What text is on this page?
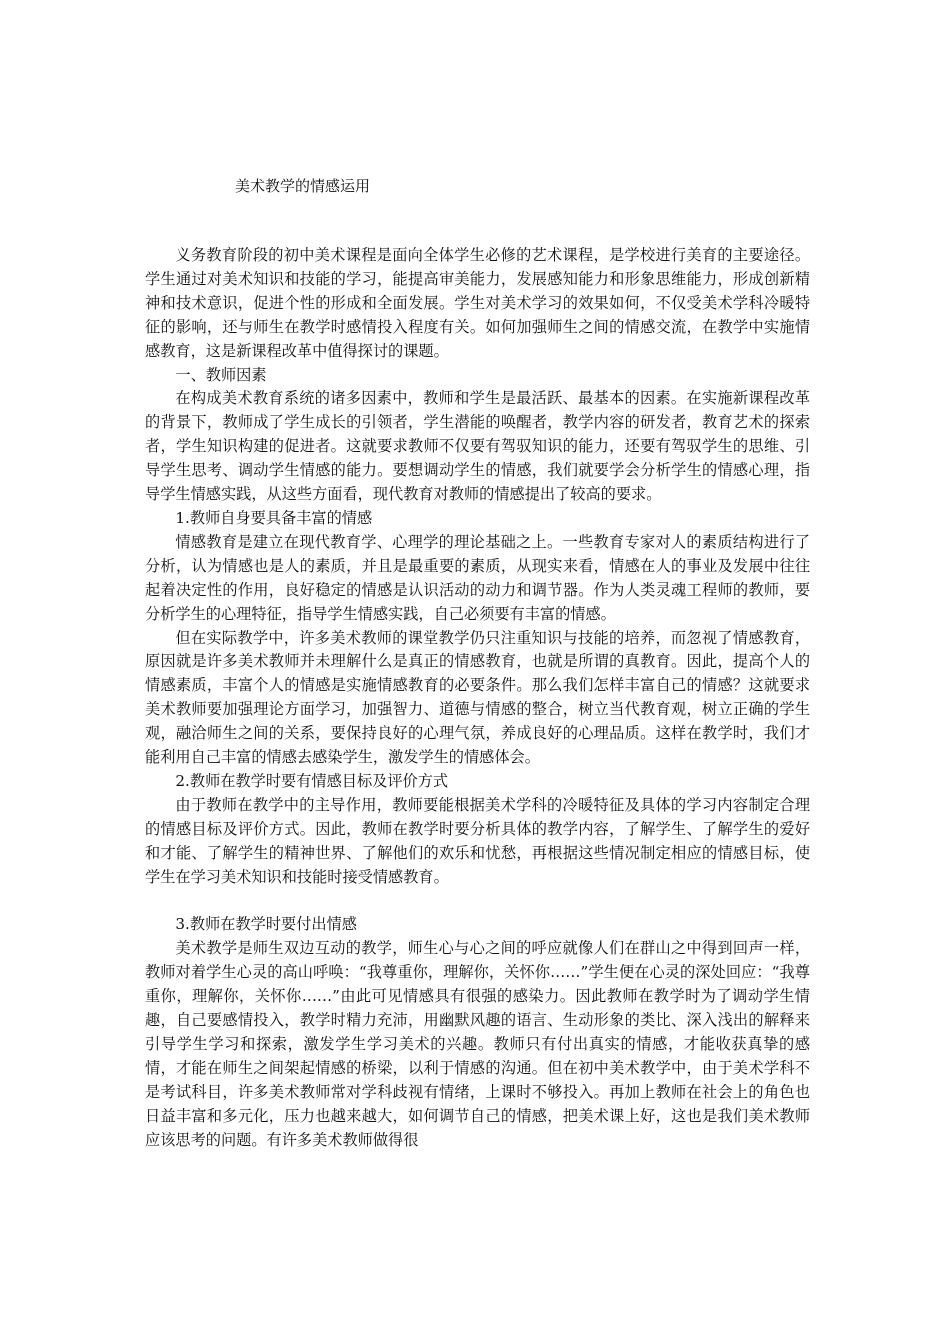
美术教学的情感运用

义务教育阶段的初中美术课程是面向全体学生必修的艺术课程，是学校进行美育的主要途径。学生通过对美术知识和技能的学习，能提高审美能力，发展感知能力和形象思维能力，形成创新精神和技术意识，促进个性的形成和全面发展。学生对美术学习的效果如何，不仅受美术学科冷暖特征的影响，还与师生在教学时感情投入程度有关。如何加强师生之间的情感交流，在教学中实施情感教育，这是新课程改革中值得探讨的课题。

一、教师因素

在构成美术教育系统的诸多因素中，教师和学生是最活跃、最基本的因素。在实施新课程改革的背景下，教师成了学生成长的引领者，学生潜能的唤醒者，教学内容的研发者，教育艺术的探索者，学生知识构建的促进者。这就要求教师不仅要有驾驭知识的能力，还要有驾驭学生的思维、引导学生思考、调动学生情感的能力。要想调动学生的情感，我们就要学会分析学生的情感心理，指导学生情感实践，从这些方面看，现代教育对教师的情感提出了较高的要求。

1.教师自身要具备丰富的情感

情感教育是建立在现代教育学、心理学的理论基础之上。一些教育专家对人的素质结构进行了分析，认为情感也是人的素质，并且是最重要的素质，从现实来看，情感在人的事业及发展中往往起着决定性的作用，良好稳定的情感是认识活动的动力和调节器。作为人类灵魂工程师的教师，要分析学生的心理特征，指导学生情感实践，自己必须要有丰富的情感。

但在实际教学中，许多美术教师的课堂教学仍只注重知识与技能的培养，而忽视了情感教育，原因就是许多美术教师并未理解什么是真正的情感教育，也就是所谓的真教育。因此，提高个人的情感素质，丰富个人的情感是实施情感教育的必要条件。那么我们怎样丰富自己的情感？这就要求美术教师要加强理论方面学习，加强智力、道德与情感的整合，树立当代教育观，树立正确的学生观，融洽师生之间的关系，要保持良好的心理气氛，养成良好的心理品质。这样在教学时，我们才能利用自己丰富的情感去感染学生，激发学生的情感体会。

2.教师在教学时要有情感目标及评价方式

由于教师在教学中的主导作用，教师要能根据美术学科的冷暖特征及具体的学习内容制定合理的情感目标及评价方式。因此，教师在教学时要分析具体的教学内容，了解学生、了解学生的爱好和才能、了解学生的精神世界、了解他们的欢乐和忧愁，再根据这些情况制定相应的情感目标，使学生在学习美术知识和技能时接受情感教育。

3.教师在教学时要付出情感

美术教学是师生双边互动的教学，师生心与心之间的呼应就像人们在群山之中得到回声一样，教师对着学生心灵的高山呼唤：“我尊重你，理解你，关怀你……”学生便在心灵的深处回应：“我尊重你，理解你，关怀你……”由此可见情感具有很强的感染力。因此教师在教学时为了调动学生情趣，自己要感情投入，教学时精力充沛，用幽默风趣的语言、生动形象的类比、深入浅出的解释来引导学生学习和探索，激发学生学习美术的兴趣。教师只有付出真实的情感，才能收获真挚的感情，才能在师生之间架起情感的桥梁，以利于情感的沟通。但在初中美术教学中，由于美术学科不是考试科目，许多美术教师常对学科歧视有情绪，上课时不够投入。再加上教师在社会上的角色也日益丰富和多元化，压力也越来越大，如何调节自己的情感，把美术课上好，这也是我们美术教师应该思考的问题。有许多美术教师做得很
